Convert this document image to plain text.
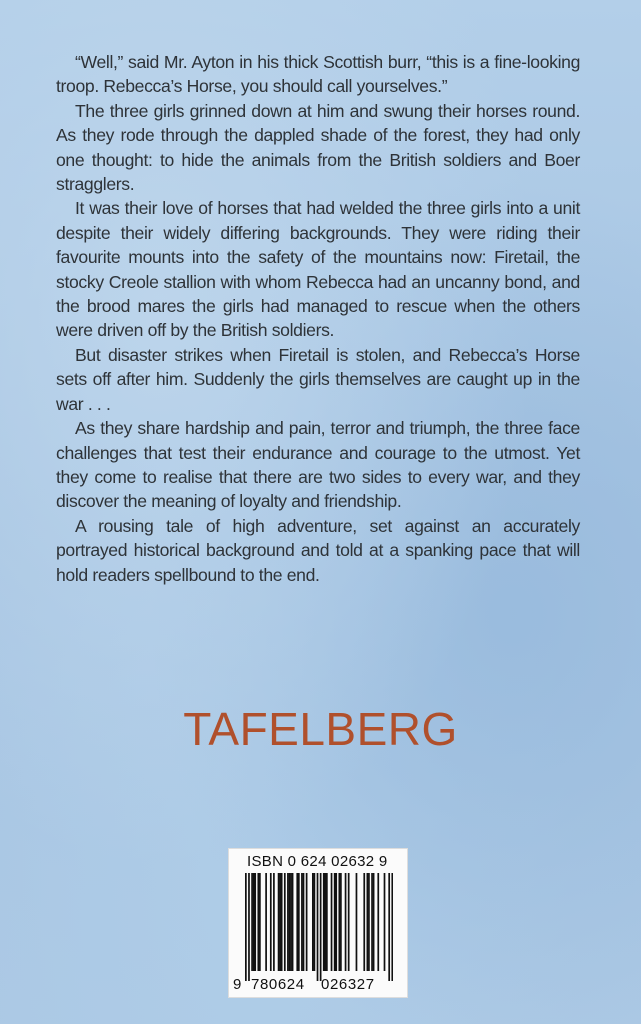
“Well,” said Mr. Ayton in his thick Scottish burr, “this is a fine-looking troop. Rebecca’s Horse, you should call yourselves.”

The three girls grinned down at him and swung their horses round. As they rode through the dappled shade of the forest, they had only one thought: to hide the animals from the British soldiers and Boer stragglers.

It was their love of horses that had welded the three girls into a unit despite their widely differing backgrounds. They were riding their favourite mounts into the safety of the mountains now: Firetail, the stocky Creole stallion with whom Rebecca had an uncanny bond, and the brood mares the girls had managed to rescue when the others were driven off by the British soldiers.

But disaster strikes when Firetail is stolen, and Rebecca’s Horse sets off after him. Suddenly the girls themselves are caught up in the war . . .

As they share hardship and pain, terror and triumph, the three face challenges that test their endurance and courage to the utmost. Yet they come to realise that there are two sides to every war, and they discover the meaning of loyalty and friendship.

A rousing tale of high adventure, set against an accurately portrayed historical background and told at a spanking pace that will hold readers spellbound to the end.

TAFELBERG
ISBN 0 624 02632 9
9 780624 026327
